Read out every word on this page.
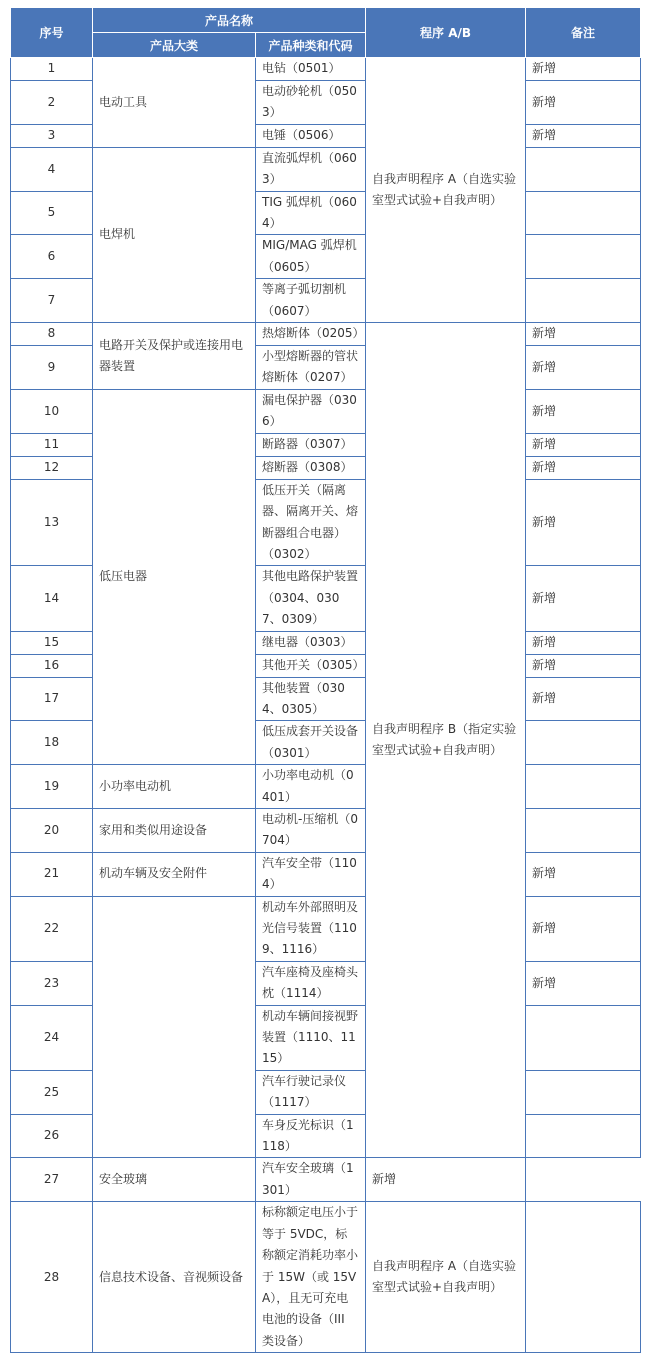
序号	产品名称		程序 A/B	备注
	产品大类	产品种类和代码		
1	电动工具	电钻（0501）	自我声明程序 A（自选实验室型式试验+自我声明）	新增
2		电动砂轮机（0503）		新增
3		电锤（0506）		新增
4	电焊机	直流弧焊机（0603）		
5		TIG 弧焊机（0604）		
6		MIG/MAG 弧焊机（0605）		
7		等离子弧切割机（0607）		
8	电路开关及保护或连接用电器装置	热熔断体（0205）	自我声明程序 B（指定实验室型式试验+自我声明）	新增
9		小型熔断器的管状熔断体（0207）		新增
10	低压电器	漏电保护器（0306）		新增
11		断路器（0307）		新增
12		熔断器（0308）		新增
13		低压开关（隔离器、隔离开关、熔断器组合电器）（0302）		新增
14		其他电路保护装置（0304、0307、0309）		新增
15		继电器（0303）		新增
16		其他开关（0305）		新增
17		其他装置（0304、0305）		新增
18		低压成套开关设备（0301）		
19	小功率电动机	小功率电动机（0401）		
20	家用和类似用途设备	电动机-压缩机（0704）		
21	机动车辆及安全附件	汽车安全带（1104）		新增
22		机动车外部照明及光信号装置（1109、1116）		新增
23		汽车座椅及座椅头枕（1114）		新增
24		机动车辆间接视野装置（1110、1115）		
25		汽车行驶记录仪（1117）		
26		车身反光标识（1118）		
27	安全玻璃	汽车安全玻璃（1301）	新增	
28	信息技术设备、音视频设备	标称额定电压小于等于 5VDC，标称额定消耗功率小于 15W（或 15VA），且无可充电电池的设备（III 类设备）	自我声明程序 A（自选实验室型式试验+自我声明）	
